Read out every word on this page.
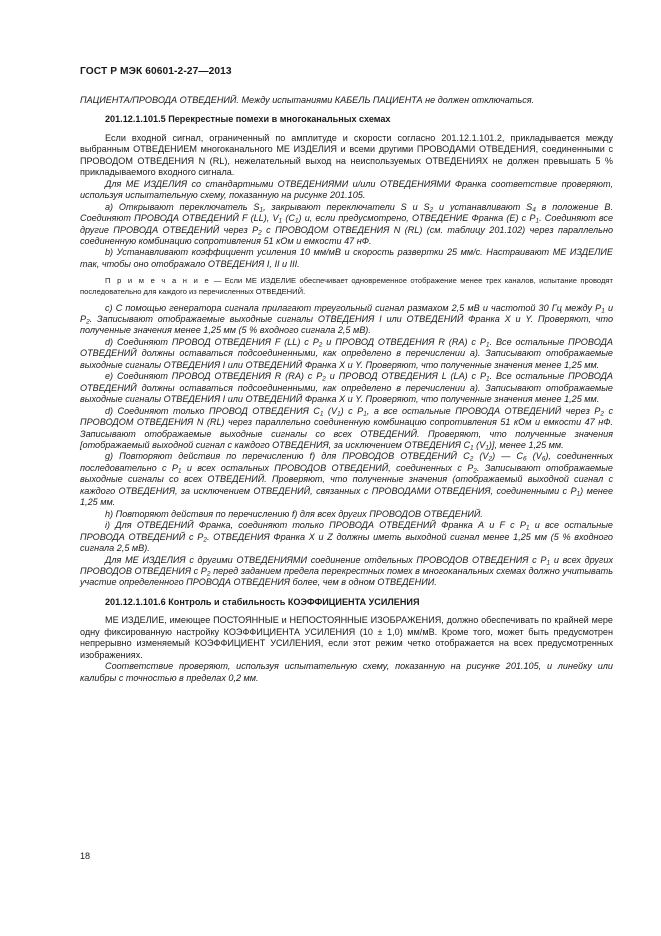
ГОСТ Р МЭК 60601-2-27—2013

ПАЦИЕНТА/ПРОВОДА ОТВЕДЕНИЙ. Между испытаниями КАБЕЛЬ ПАЦИЕНТА не должен отключаться.

201.12.1.101.5 Перекрестные помехи в многоканальных схемах

Если входной сигнал, ограниченный по амплитуде и скорости согласно 201.12.1.101.2, прикладывается между выбранным ОТВЕДЕНИЕМ многоканального МЕ ИЗДЕЛИЯ и всеми другими ПРОВОДАМИ ОТВЕДЕНИЯ, соединенными с ПРОВОДОМ ОТВЕДЕНИЯ N (RL), нежелательный выход на неиспользуемых ОТВЕДЕНИЯХ не должен превышать 5 % прикладываемого входного сигнала.

Для МЕ ИЗДЕЛИЯ со стандартными ОТВЕДЕНИЯМИ и/или ОТВЕДЕНИЯМИ Франка соответствие проверяют, используя испытательную схему, показанную на рисунке 201.105.

а) Открывают переключатель $S_1$, закрывают переключатели S и $S_2$ и устанавливают $S_4$ в положение В. Соединяют ПРОВОДА ОТВЕДЕНИЙ F (LL), $V_1$ $(С_1)$ и, если предусмотрено, ОТВЕДЕНИЕ Франка (Е) с $Р_1$. Соединяют все другие ПРОВОДА ОТВЕДЕНИЙ через $Р_2$ с ПРОВОДОМ ОТВЕДЕНИЯ N (RL) (см. таблицу 201.102) через параллельно соединенную комбинацию сопротивления 51 кОм и емкости 47 нФ.

b) Устанавливают коэффициент усиления 10 мм/мВ и скорость развертки 25 мм/с. Настраивают МЕ ИЗДЕЛИЕ так, чтобы оно отображало ОТВЕДЕНИЯ I, II и III.

П р и м е ч а н и е — Если МЕ ИЗДЕЛИЕ обеспечивает одновременное отображение менее трех каналов, испытание проводят последовательно для каждого из перечисленных ОТВЕДЕНИЙ.

с) С помощью генератора сигнала прилагают треугольный сигнал размахом 2,5 мВ и частотой 30 Гц между $Р_1$ и $Р_2$. Записывают отображаемые выходные сигналы ОТВЕДЕНИЯ I или ОТВЕДЕНИЙ Франка X и Y. Проверяют, что полученные значения менее 1,25 мм (5 % входного сигнала 2,5 мВ).

d) Соединяют ПРОВОД ОТВЕДЕНИЯ F (LL) с $Р_2$ и ПРОВОД ОТВЕДЕНИЯ R (RA) с $Р_1$. Все остальные ПРОВОДА ОТВЕДЕНИЙ должны оставаться подсоединенными, как определено в перечислении а). Записывают отображаемые выходные сигналы ОТВЕДЕНИЯ I или ОТВЕДЕНИЙ Франка X и Y. Проверяют, что полученные значения менее 1,25 мм.

е) Соединяют ПРОВОД ОТВЕДЕНИЯ R (RA) с $Р_2$ и ПРОВОД ОТВЕДЕНИЯ L (LA) с $Р_1$. Все остальные ПРОВОДА ОТВЕДЕНИЙ должны оставаться подсоединенными, как определено в перечислении а). Записывают отображаемые выходные сигналы ОТВЕДЕНИЯ I или ОТВЕДЕНИЙ Франка X и Y. Проверяют, что полученные значения менее 1,25 мм.

d) Соединяют только ПРОВОД ОТВЕДЕНИЯ $С_1$ $(V_1)$ с $Р_1$, а все остальные ПРОВОДА ОТВЕДЕНИЙ через $Р_2$ с ПРОВОДОМ ОТВЕДЕНИЯ N (RL) через параллельно соединенную комбинацию сопротивления 51 кОм и емкости 47 нФ. Записывают отображаемые выходные сигналы со всех ОТВЕДЕНИЙ. Проверяют, что полученные значения [отображаемый выходной сигнал с каждого ОТВЕДЕНИЯ, за исключением ОТВЕДЕНИЯ $С_1$ $(V_1)$], менее 1,25 мм.

g) Повторяют действия по перечислению f) для ПРОВОДОВ ОТВЕДЕНИЙ $С_2$ $(V_2)$ — $С_6$ $(V_6)$, соединенных последовательно с $Р_1$ и всех остальных ПРОВОДОВ ОТВЕДЕНИЙ, соединенных с $Р_2$. Записывают отображаемые выходные сигналы со всех ОТВЕДЕНИЙ. Проверяют, что полученные значения (отображаемый выходной сигнал с каждого ОТВЕДЕНИЯ, за исключением ОТВЕДЕНИЙ, связанных с ПРОВОДАМИ ОТВЕДЕНИЯ, соединенными с $Р_1$) менее 1,25 мм.

h) Повторяют действия по перечислению f) для всех других ПРОВОДОВ ОТВЕДЕНИЙ.

i) Для ОТВЕДЕНИЙ Франка, соединяют только ПРОВОДА ОТВЕДЕНИЙ Франка А и F с $Р_1$ и все остальные ПРОВОДА ОТВЕДЕНИЙ с $Р_2$. ОТВЕДЕНИЯ Франка X и Z должны иметь выходной сигнал менее 1,25 мм (5 % входного сигнала 2,5 мВ).

Для МЕ ИЗДЕЛИЯ с другими ОТВЕДЕНИЯМИ соединение отдельных ПРОВОДОВ ОТВЕДЕНИЯ с $Р_1$ и всех других ПРОВОДОВ ОТВЕДЕНИЯ с $Р_2$ перед заданием предела перекрестных помех в многоканальных схемах должно учитывать участие определенного ПРОВОДА ОТВЕДЕНИЯ более, чем в одном ОТВЕДЕНИИ.

201.12.1.101.6 Контроль и стабильность КОЭФФИЦИЕНТА УСИЛЕНИЯ

МЕ ИЗДЕЛИЕ, имеющее ПОСТОЯННЫЕ и НЕПОСТОЯННЫЕ ИЗОБРАЖЕНИЯ, должно обеспечивать по крайней мере одну фиксированную настройку КОЭФФИЦИЕНТА УСИЛЕНИЯ (10 ± 1,0) мм/мВ. Кроме того, может быть предусмотрен непрерывно изменяемый КОЭФФИЦИЕНТ УСИЛЕНИЯ, если этот режим четко отображается на всех предусмотренных изображениях.

Соответствие проверяют, используя испытательную схему, показанную на рисунке 201.105, и линейку или калибры с точностью в пределах 0,2 мм.

18
